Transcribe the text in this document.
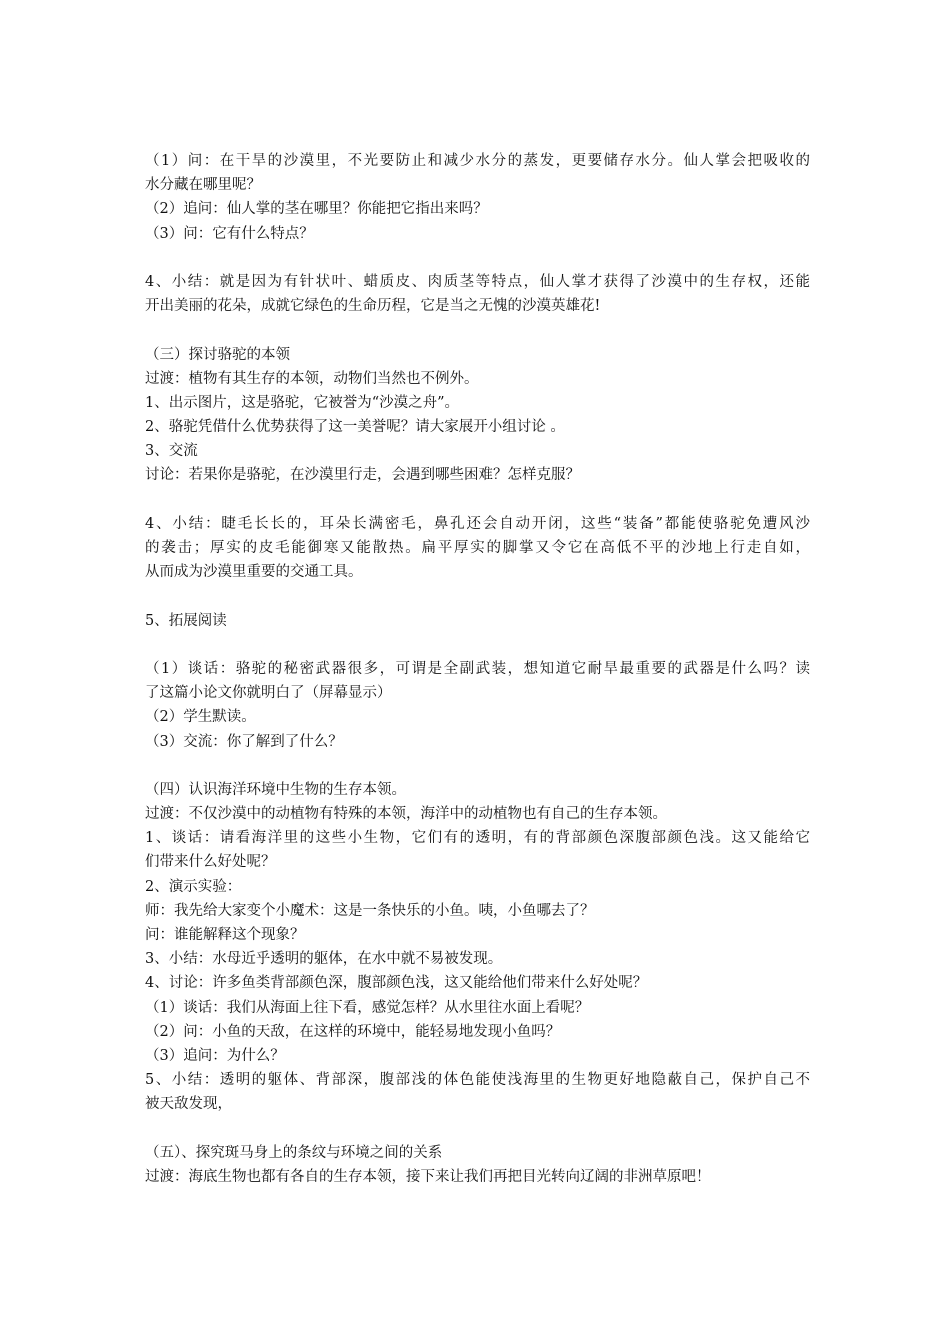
（1）问：在干旱的沙漠里，不光要防止和减少水分的蒸发，更要储存水分。仙人掌会把吸收的
水分藏在哪里呢？
（2）追问：仙人掌的茎在哪里？你能把它指出来吗？
（3）问：它有什么特点？
4、小结：就是因为有针状叶、蜡质皮、肉质茎等特点，仙人掌才获得了沙漠中的生存权，还能
开出美丽的花朵，成就它绿色的生命历程，它是当之无愧的沙漠英雄花!
（三）探讨骆驼的本领
过渡：植物有其生存的本领，动物们当然也不例外。
1、出示图片，这是骆驼，它被誉为“沙漠之舟”。
2、骆驼凭借什么优势获得了这一美誉呢？请大家展开小组讨论 。
3、交流
讨论：若果你是骆驼，在沙漠里行走，会遇到哪些困难？怎样克服？
4、小结：睫毛长长的，耳朵长满密毛，鼻孔还会自动开闭，这些“装备”都能使骆驼免遭风沙
的袭击；厚实的皮毛能御寒又能散热。扁平厚实的脚掌又令它在高低不平的沙地上行走自如，
从而成为沙漠里重要的交通工具。
5、拓展阅读
（1）谈话：骆驼的秘密武器很多，可谓是全副武装，想知道它耐旱最重要的武器是什么吗？读
了这篇小论文你就明白了（屏幕显示）
（2）学生默读。
（3）交流：你了解到了什么？
（四）认识海洋环境中生物的生存本领。
过渡：不仅沙漠中的动植物有特殊的本领，海洋中的动植物也有自己的生存本领。
1、谈话：请看海洋里的这些小生物，它们有的透明，有的背部颜色深腹部颜色浅。这又能给它
们带来什么好处呢？
2、演示实验：
师：我先给大家变个小魔术：这是一条快乐的小鱼。咦，小鱼哪去了？
问：谁能解释这个现象？
3、小结：水母近乎透明的躯体，在水中就不易被发现。
4、讨论：许多鱼类背部颜色深，腹部颜色浅，这又能给他们带来什么好处呢？
（1）谈话：我们从海面上往下看，感觉怎样？从水里往水面上看呢？
（2）问：小鱼的天敌，在这样的环境中，能轻易地发现小鱼吗？
（3）追问：为什么？
5、小结：透明的躯体、背部深，腹部浅的体色能使浅海里的生物更好地隐蔽自己，保护自己不
被天敌发现，
（五）、探究斑马身上的条纹与环境之间的关系
过渡：海底生物也都有各自的生存本领，接下来让我们再把目光转向辽阔的非洲草原吧！
